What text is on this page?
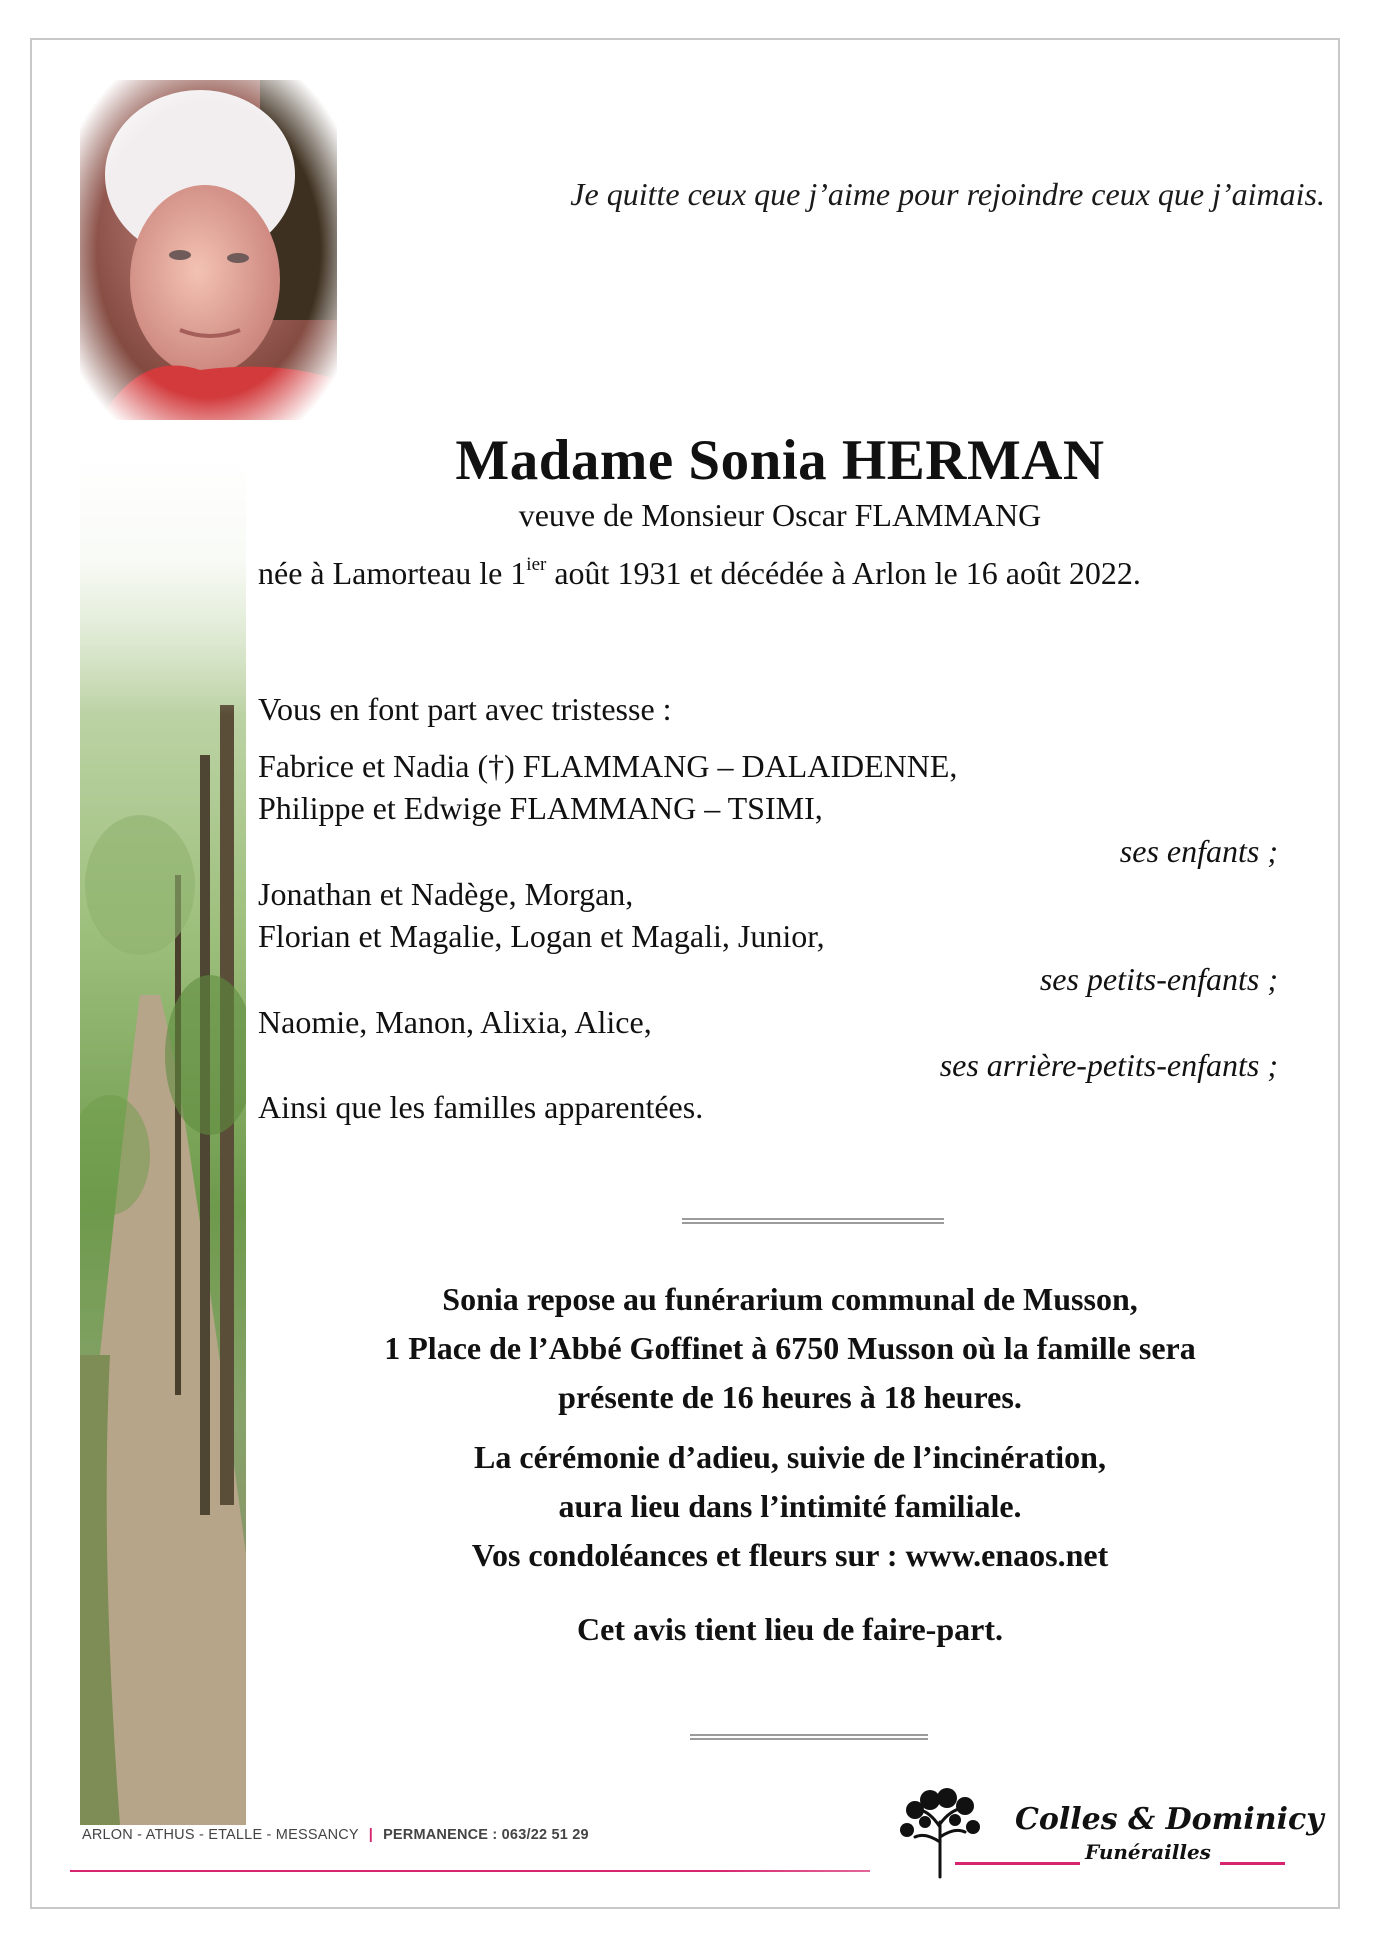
Je quitte ceux que j’aime pour rejoindre ceux que j’aimais.
Madame Sonia HERMAN
veuve de Monsieur Oscar FLAMMANG
née à Lamorteau le $1^{ier}$ août 1931 et décédée à Arlon le 16 août 2022.
Vous en font part avec tristesse :
Fabrice et Nadia (†) FLAMMANG – DALAIDENNE,
Philippe et Edwige FLAMMANG – TSIMI,
ses enfants ;
Jonathan et Nadège, Morgan,
Florian et Magalie, Logan et Magali, Junior,
ses petits-enfants ;
Naomie, Manon, Alixia, Alice,
ses arrière-petits-enfants ;
Ainsi que les familles apparentées.
Sonia repose au funérarium communal de Musson,
1 Place de l’Abbé Goffinet à 6750 Musson où la famille sera
présente de 16 heures à 18 heures.
La cérémonie d’adieu, suivie de l’incinération,
aura lieu dans l’intimité familiale.
Vos condoléances et fleurs sur : www.enaos.net
Cet avis tient lieu de faire-part.
ARLON - ATHUS - ETALLE - MESSANCY | PERMANENCE : 063/22 51 29	Colles & Dominicy
Funérailles
